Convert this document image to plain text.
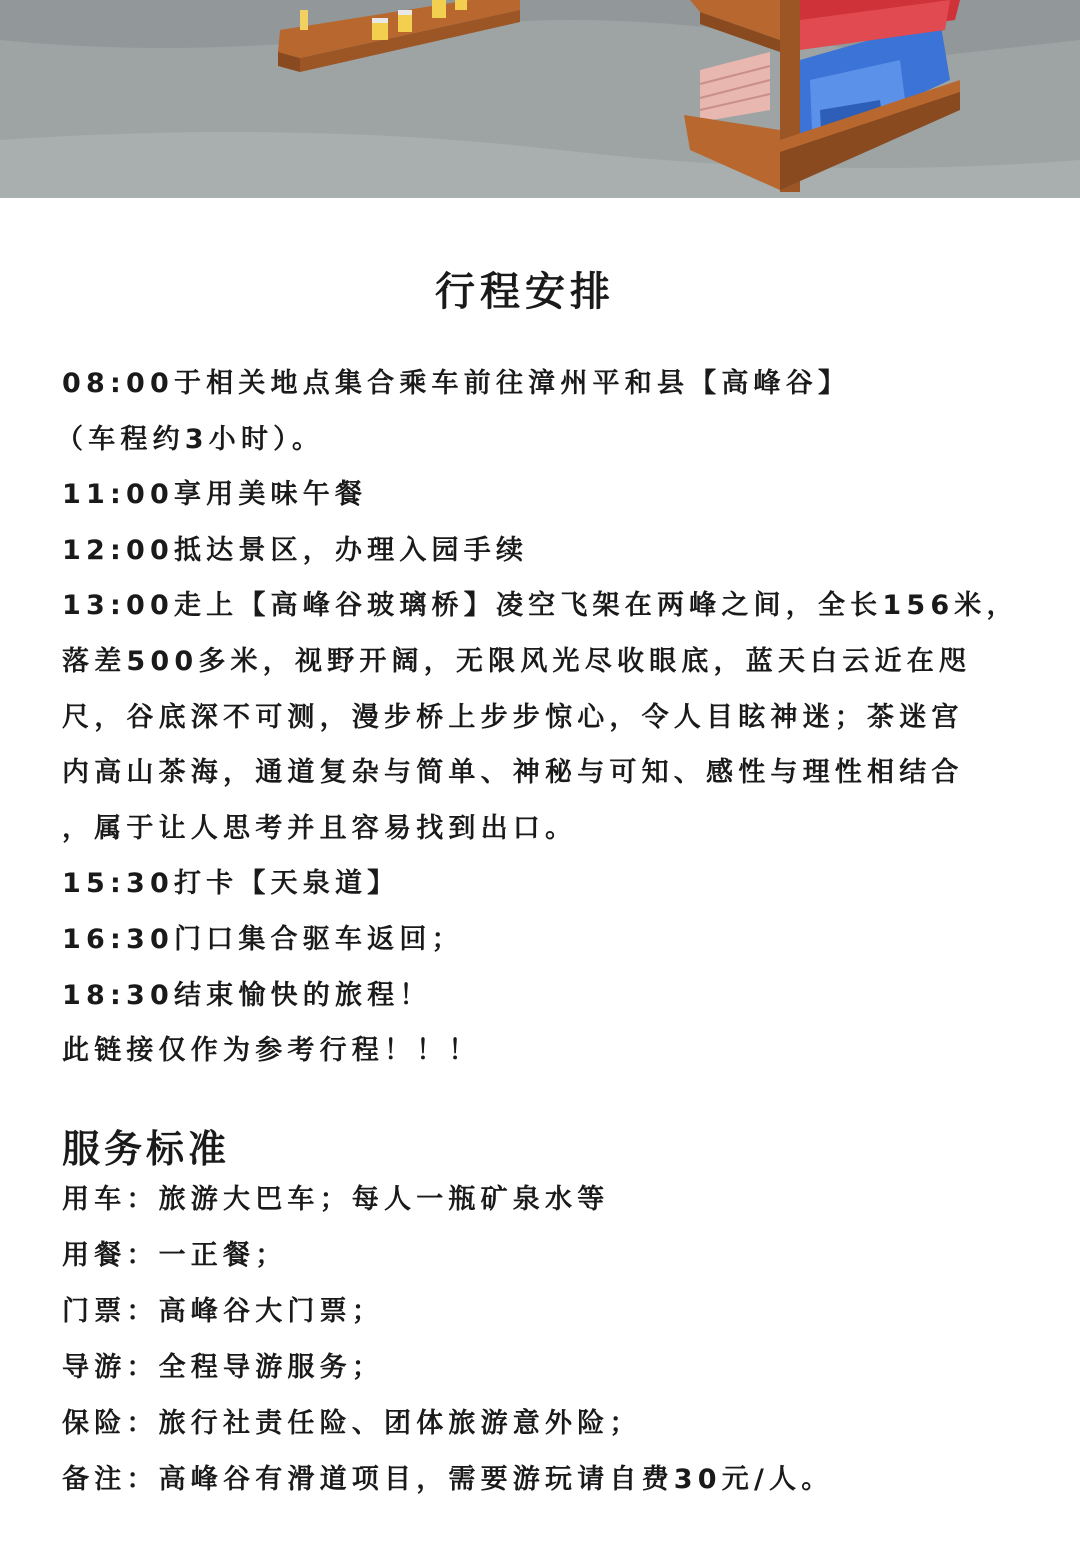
行程安排

08:00于相关地点集合乘车前往漳州平和县【高峰谷】

（车程约3小时）。

11:00享用美味午餐

12:00抵达景区，办理入园手续

13:00走上【高峰谷玻璃桥】凌空飞架在两峰之间，全长156米，

落差500多米，视野开阔，无限风光尽收眼底，蓝天白云近在咫

尺，谷底深不可测，漫步桥上步步惊心，令人目眩神迷；茶迷宫

内高山茶海，通道复杂与简单、神秘与可知、感性与理性相结合

，属于让人思考并且容易找到出口。

15:30打卡【天泉道】

16:30门口集合驱车返回；

18:30结束愉快的旅程！

此链接仅作为参考行程！！！

服务标准

用车：旅游大巴车；每人一瓶矿泉水等

用餐：一正餐；

门票：高峰谷大门票；

导游：全程导游服务；

保险：旅行社责任险、团体旅游意外险；

备注：高峰谷有滑道项目，需要游玩请自费30元/人。
